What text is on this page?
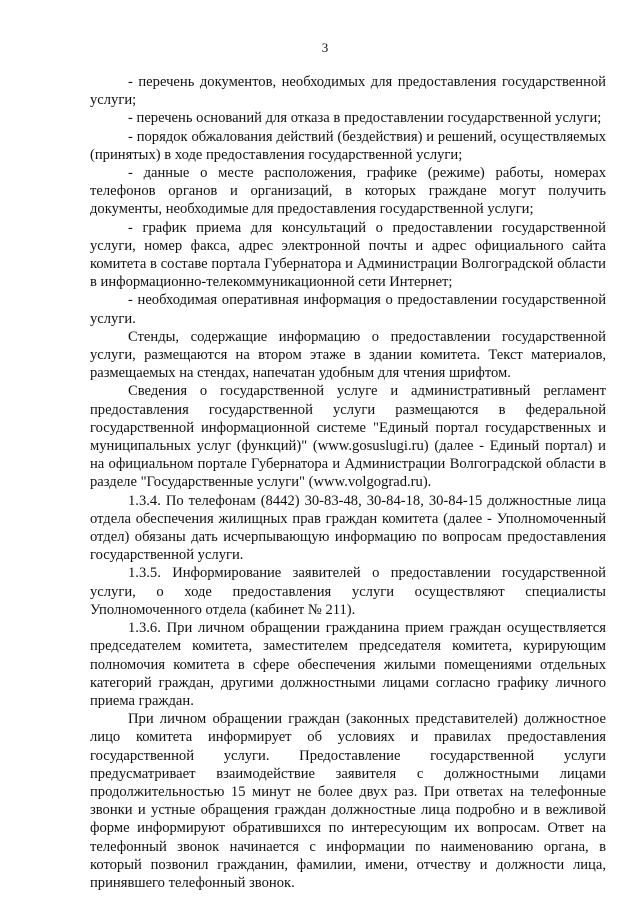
3

- перечень документов, необходимых для предоставления государственной услуги;

- перечень оснований для отказа в предоставлении государственной услуги;

- порядок обжалования действий (бездействия) и решений, осуществляемых (принятых) в ходе предоставления государственной услуги;

- данные о месте расположения, графике (режиме) работы, номерах телефонов органов и организаций, в которых граждане могут получить документы, необходимые для предоставления государственной услуги;

- график приема для консультаций о предоставлении государственной услуги, номер факса, адрес электронной почты и адрес официального сайта комитета в составе портала Губернатора и Администрации Волгоградской области в информационно-телекоммуникационной сети Интернет;

- необходимая оперативная информация о предоставлении государственной услуги.

Стенды, содержащие информацию о предоставлении государственной услуги, размещаются на втором этаже в здании комитета. Текст материалов, размещаемых на стендах, напечатан удобным для чтения шрифтом.

Сведения о государственной услуге и административный регламент предоставления государственной услуги размещаются в федеральной государственной информационной системе "Единый портал государственных и муниципальных услуг (функций)" (www.gosuslugi.ru) (далее - Единый портал) и на официальном портале Губернатора и Администрации Волгоградской области в разделе "Государственные услуги" (www.volgograd.ru).

1.3.4. По телефонам (8442) 30-83-48, 30-84-18, 30-84-15 должностные лица отдела обеспечения жилищных прав граждан комитета (далее - Уполномоченный отдел) обязаны дать исчерпывающую информацию по вопросам предоставления государственной услуги.

1.3.5. Информирование заявителей о предоставлении государственной услуги, о ходе предоставления услуги осуществляют специалисты Уполномоченного отдела (кабинет № 211).

1.3.6. При личном обращении гражданина прием граждан осуществляется председателем комитета, заместителем председателя комитета, курирующим полномочия комитета в сфере обеспечения жилыми помещениями отдельных категорий граждан, другими должностными лицами согласно графику личного приема граждан.

При личном обращении граждан (законных представителей) должностное лицо комитета информирует об условиях и правилах предоставления государственной услуги. Предоставление государственной услуги предусматривает взаимодействие заявителя с должностными лицами продолжительностью 15 минут не более двух раз. При ответах на телефонные звонки и устные обращения граждан должностные лица подробно и в вежливой форме информируют обратившихся по интересующим их вопросам. Ответ на телефонный звонок начинается с информации по наименованию органа, в который позвонил гражданин, фамилии, имени, отчеству и должности лица, принявшего телефонный звонок.
